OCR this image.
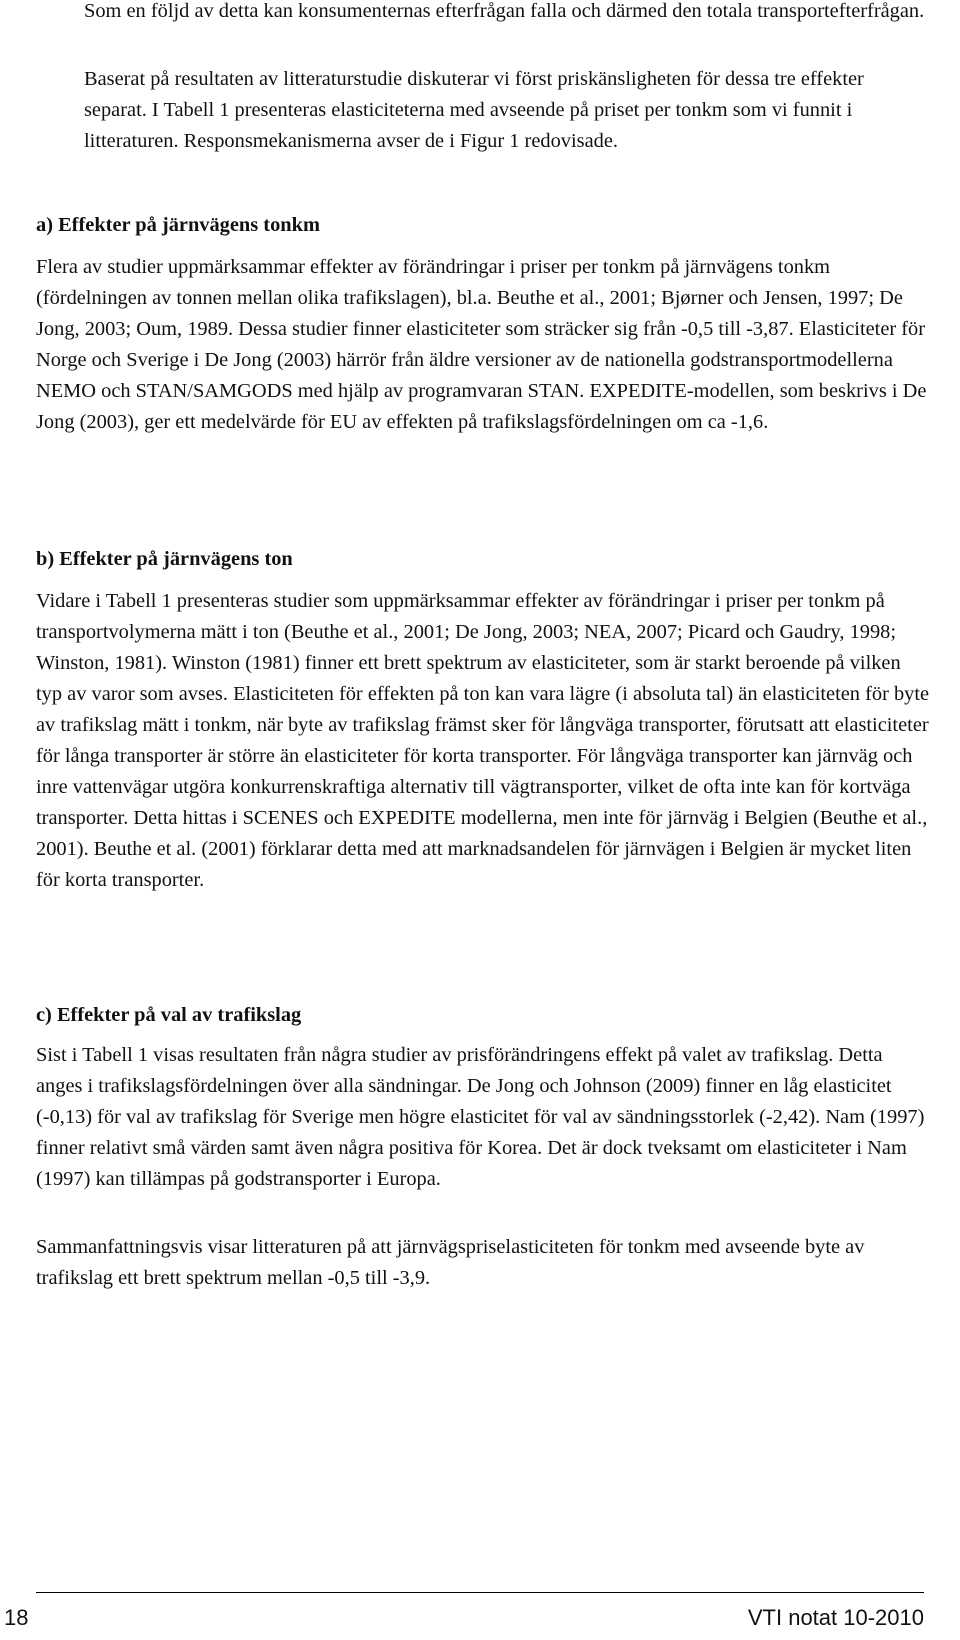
Som en följd av detta kan konsumenternas efterfrågan falla och därmed den totala transportefterfrågan.

Baserat på resultaten av litteraturstudie diskuterar vi först priskänsligheten för dessa tre effekter separat. I Tabell 1 presenteras elasticiteterna med avseende på priset per tonkm som vi funnit i litteraturen. Responsmekanismerna avser de i Figur 1 redovisade.

a) Effekter på järnvägens tonkm

Flera av studier uppmärksammar effekter av förändringar i priser per tonkm på järnvägens tonkm (fördelningen av tonnen mellan olika trafikslagen), bl.a. Beuthe et al., 2001; Bjørner och Jensen, 1997; De Jong, 2003; Oum, 1989. Dessa studier finner elasticiteter som sträcker sig från -0,5 till -3,87. Elasticiteter för Norge och Sverige i De Jong (2003) härrör från äldre versioner av de nationella godstransportmodellerna NEMO och STAN/SAMGODS med hjälp av programvaran STAN. EXPEDITE-modellen, som beskrivs i De Jong (2003), ger ett medelvärde för EU av effekten på trafikslagsfördelningen om ca -1,6.

b) Effekter på järnvägens ton

Vidare i Tabell 1 presenteras studier som uppmärksammar effekter av förändringar i priser per tonkm på transportvolymerna mätt i ton (Beuthe et al., 2001; De Jong, 2003; NEA, 2007; Picard och Gaudry, 1998; Winston, 1981). Winston (1981) finner ett brett spektrum av elasticiteter, som är starkt beroende på vilken typ av varor som avses. Elasticiteten för effekten på ton kan vara lägre (i absoluta tal) än elasticiteten för byte av trafikslag mätt i tonkm, när byte av trafikslag främst sker för långväga transporter, förutsatt att elasticiteter för långa transporter är större än elasticiteter för korta transporter. För långväga transporter kan järnväg och inre vattenvägar utgöra konkurrenskraftiga alternativ till vägtransporter, vilket de ofta inte kan för kortväga transporter. Detta hittas i SCENES och EXPEDITE modellerna, men inte för järnväg i Belgien (Beuthe et al., 2001). Beuthe et al. (2001) förklarar detta med att marknadsandelen för järnvägen i Belgien är mycket liten för korta transporter.

c) Effekter på val av trafikslag

Sist i Tabell 1 visas resultaten från några studier av prisförändringens effekt på valet av trafikslag. Detta anges i trafikslagsfördelningen över alla sändningar. De Jong och Johnson (2009) finner en låg elasticitet (-0,13) för val av trafikslag för Sverige men högre elasticitet för val av sändningsstorlek (-2,42). Nam (1997) finner relativt små värden samt även några positiva för Korea. Det är dock tveksamt om elasticiteter i Nam (1997) kan tillämpas på godstransporter i Europa.

Sammanfattningsvis visar litteraturen på att järnvägspriselasticiteten för tonkm med avseende byte av trafikslag ett brett spektrum mellan -0,5 till -3,9.

18	VTI notat 10-2010
